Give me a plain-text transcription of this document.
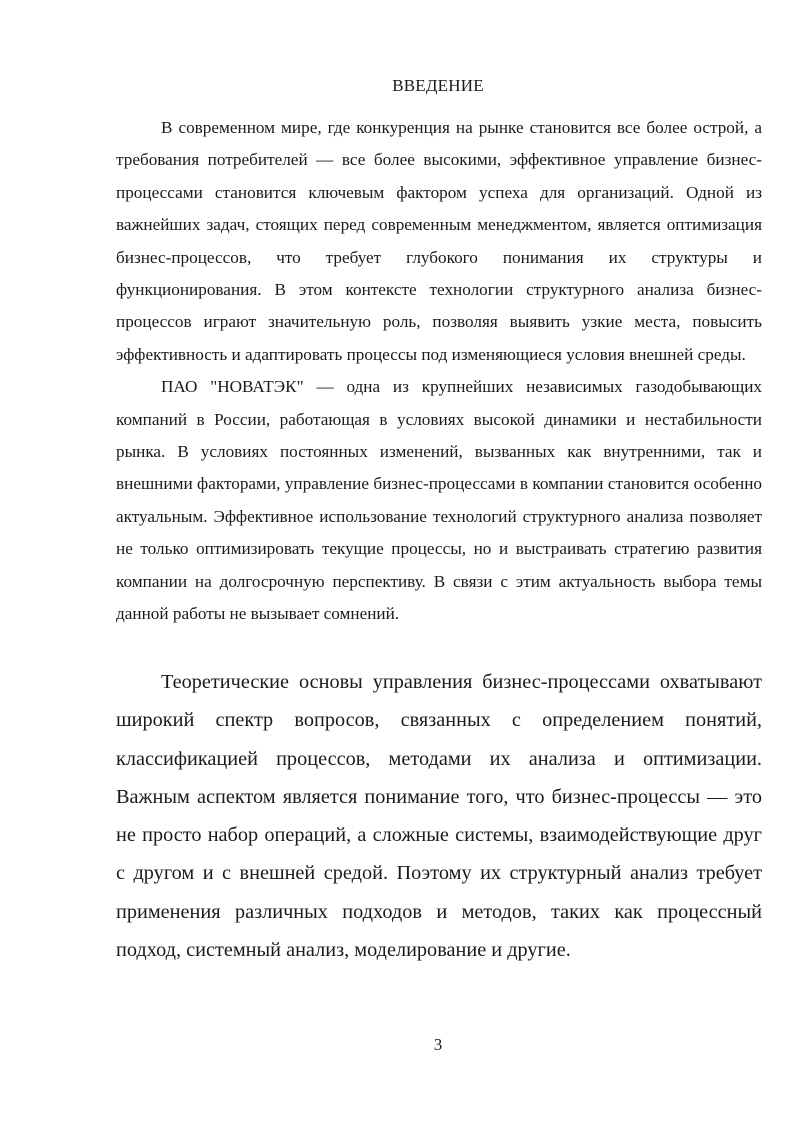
ВВЕДЕНИЕ

В современном мире, где конкуренция на рынке становится все более острой, а требования потребителей — все более высокими, эффективное управление бизнес-процессами становится ключевым фактором успеха для организаций. Одной из важнейших задач, стоящих перед современным менеджментом, является оптимизация бизнес-процессов, что требует глубокого понимания их структуры и функционирования. В этом контексте технологии структурного анализа бизнес-процессов играют значительную роль, позволяя выявить узкие места, повысить эффективность и адаптировать процессы под изменяющиеся условия внешней среды.

ПАО "НОВАТЭК" — одна из крупнейших независимых газодобывающих компаний в России, работающая в условиях высокой динамики и нестабильности рынка. В условиях постоянных изменений, вызванных как внутренними, так и внешними факторами, управление бизнес-процессами в компании становится особенно актуальным. Эффективное использование технологий структурного анализа позволяет не только оптимизировать текущие процессы, но и выстраивать стратегию развития компании на долгосрочную перспективу. В связи с этим актуальность выбора темы данной работы не вызывает сомнений.

Теоретические основы управления бизнес-процессами охватывают широкий спектр вопросов, связанных с определением понятий, классификацией процессов, методами их анализа и оптимизации. Важным аспектом является понимание того, что бизнес-процессы — это не просто набор операций, а сложные системы, взаимодействующие друг с другом и с внешней средой. Поэтому их структурный анализ требует применения различных подходов и методов, таких как процессный подход, системный анализ, моделирование и другие.

3
